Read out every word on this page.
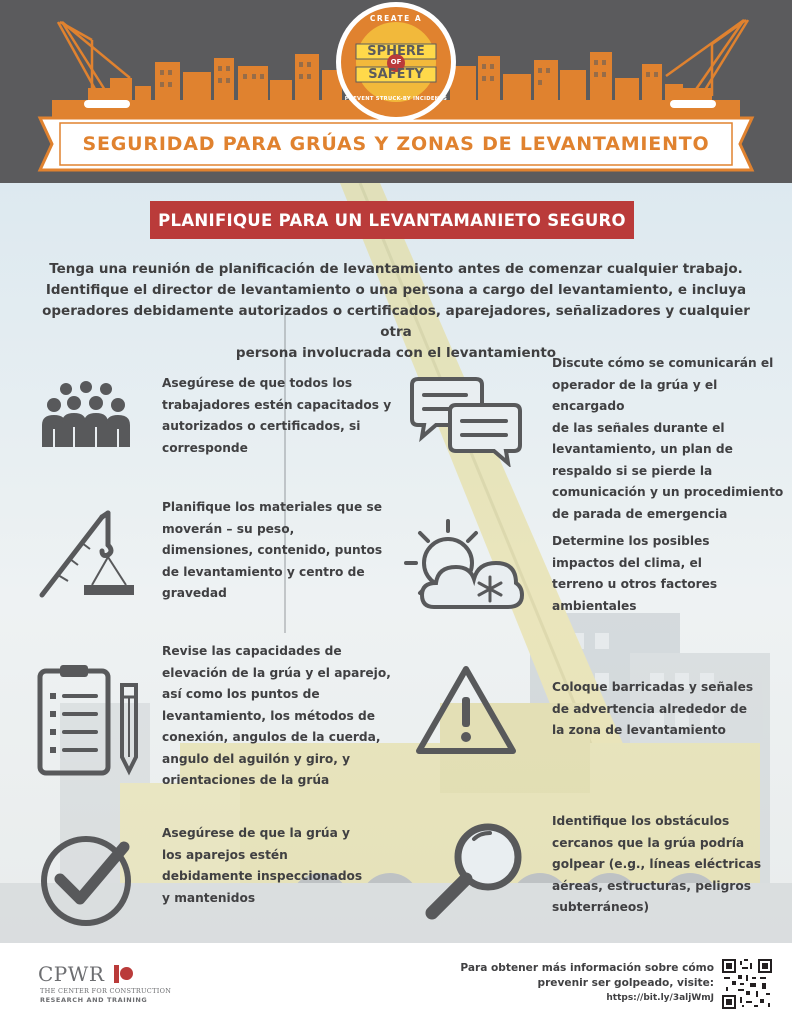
CREATE A
SPHERE
OF
SAFETY
PREVENT STRUCK-BY INCIDENTS
SEGURIDAD PARA GRÚAS Y ZONAS DE LEVANTAMIENTO
PLANIFIQUE PARA UN LEVANTAMANIETO SEGURO
Tenga una reunión de planificación de levantamiento antes de comenzar cualquier trabajo.
Identifique el director de levantamiento o una persona a cargo del levantamiento, e incluya
operadores debidamente autorizados o certificados, aparejadores, señalizadores y cualquier otra
persona involucrada con el levantamiento
Asegúrese de que todos los
trabajadores estén capacitados y
autorizados o certificados, si
corresponde
Discute cómo se comunicarán el
operador de la grúa y el encargado
de las señales durante el
levantamiento, un plan de
respaldo si se pierde la
comunicación y un procedimiento
de parada de emergencia
Planifique los materiales que se
moverán – su peso,
dimensiones, contenido, puntos
de levantamiento y centro de
gravedad
Determine los posibles
impactos del clima, el
terreno u otros factores
ambientales
Revise las capacidades de
elevación de la grúa y el aparejo,
así como los puntos de
levantamiento, los métodos de
conexión, angulos de la cuerda,
angulo del aguilón y giro, y
orientaciones de la grúa
Coloque barricadas y señales
de advertencia alrededor de
la zona de levantamiento
Asegúrese de que la grúa y
los aparejos estén
debidamente inspeccionados
y mantenidos
Identifique los obstáculos
cercanos que la grúa podría
golpear (e.g., líneas eléctricas
aéreas, estructuras, peligros
subterráneos)
CPWR
THE CENTER FOR CONSTRUCTION
RESEARCH AND TRAINING
Para obtener más información sobre cómo
prevenir ser golpeado, visite:
https://bit.ly/3aljWmJ
